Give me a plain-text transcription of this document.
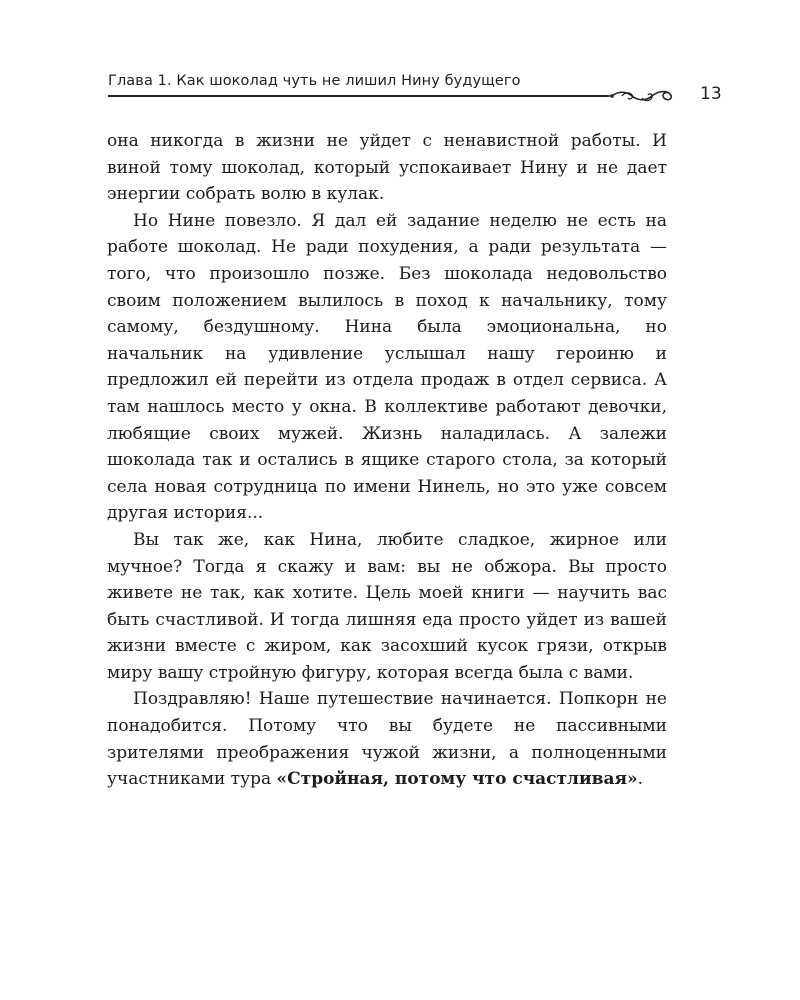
Глава 1. Как шоколад чуть не лишил Нину будущего
13

она никогда в жизни не уйдет с ненавистной работы. И виной тому шоколад, который успокаивает Нину и не дает энергии собрать волю в кулак.

Но Нине повезло. Я дал ей задание неделю не есть на работе шоколад. Не ради похудения, а ради результата — того, что произошло позже. Без шоколада недовольство своим положением вылилось в поход к начальнику, тому самому, бездушному. Нина была эмоциональна, но начальник на удивление услышал нашу героиню и предложил ей перейти из отдела продаж в отдел сервиса. А там нашлось место у окна. В коллективе работают девочки, любящие своих мужей. Жизнь наладилась. А залежи шоколада так и остались в ящике старого стола, за который села новая сотрудница по имени Нинель, но это уже совсем другая история...

Вы так же, как Нина, любите сладкое, жирное или мучное? Тогда я скажу и вам: вы не обжора. Вы просто живете не так, как хотите. Цель моей книги — научить вас быть счастливой. И тогда лишняя еда просто уйдет из вашей жизни вместе с жиром, как засохший кусок грязи, открыв миру вашу стройную фигуру, которая всегда была с вами.

Поздравляю! Наше путешествие начинается. Попкорн не понадобится. Потому что вы будете не пассивными зрителями преображения чужой жизни, а полноценными участниками тура «Стройная, потому что счастливая».
